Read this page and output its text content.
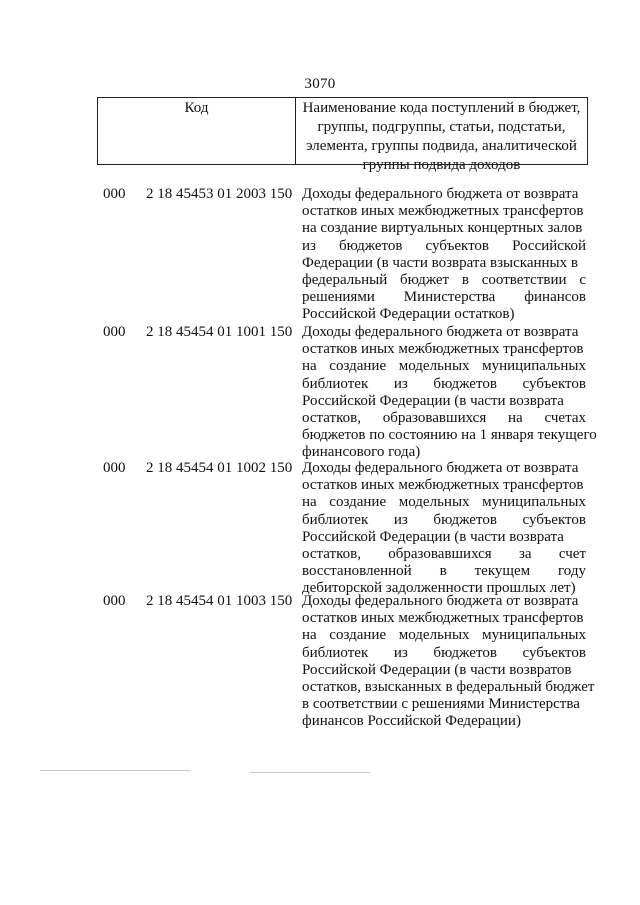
3070
Код	Наименование кода поступлений в бюджет,
группы, подгруппы, статьи, подстатьи,
элемента, группы подвида, аналитической
группы подвида доходов
000 2 18 45453 01 2003 150 Доходы федерального бюджета от возврата
остатков иных межбюджетных трансфертов
на создание виртуальных концертных залов
из бюджетов субъектов Российской
Федерации (в части возврата взысканных в
федеральный бюджет в соответствии с
решениями Министерства финансов
Российской Федерации остатков)
000 2 18 45454 01 1001 150 Доходы федерального бюджета от возврата
остатков иных межбюджетных трансфертов
на создание модельных муниципальных
библиотек из бюджетов субъектов
Российской Федерации (в части возврата
остатков, образовавшихся на счетах
бюджетов по состоянию на 1 января текущего
финансового года)
000 2 18 45454 01 1002 150 Доходы федерального бюджета от возврата
остатков иных межбюджетных трансфертов
на создание модельных муниципальных
библиотек из бюджетов субъектов
Российской Федерации (в части возврата
остатков, образовавшихся за счет
восстановленной в текущем году
дебиторской задолженности прошлых лет)
000 2 18 45454 01 1003 150 Доходы федерального бюджета от возврата
остатков иных межбюджетных трансфертов
на создание модельных муниципальных
библиотек из бюджетов субъектов
Российской Федерации (в части возвратов
остатков, взысканных в федеральный бюджет
в соответствии с решениями Министерства
финансов Российской Федерации)
